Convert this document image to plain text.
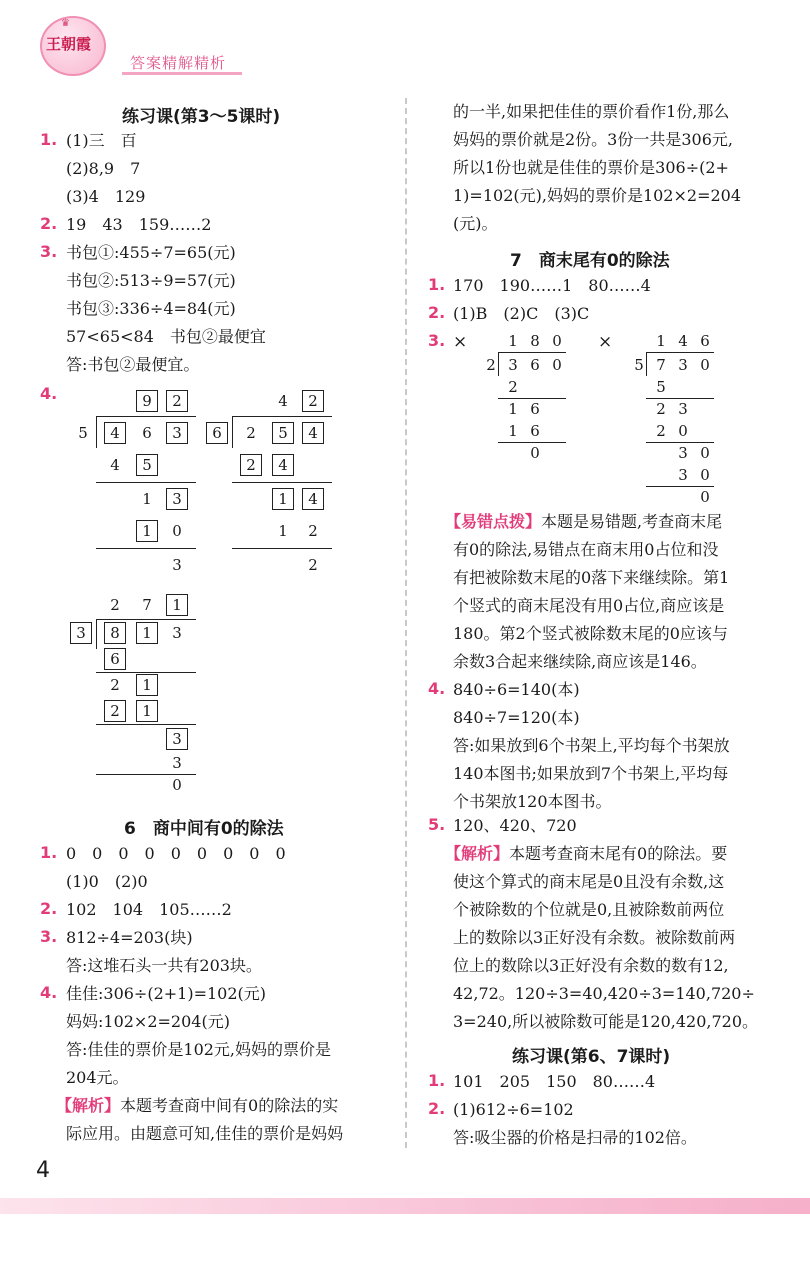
♛
王朝霞
答案精解精析
练习课(第3～5课时)
1. (1)三　百
(2)8,9　7
(3)4　129
2. 19　43　159……2
3. 书包①:455÷7=65(元)
书包②:513÷9=57(元)
书包③:336÷4=84(元)
57<65<84　书包②最便宜
答:书包②最便宜。
4.	9	2
5	4	6	3
4	5
1	3
1	0
3
4	2
6	2	5	4
2	4
1	4
1	2
2
2	7	1
3	8	1	3
6
2	1
2	1
3
3
0
6　商中间有0的除法
1. 0　0　0　0　0　0　0　0　0
(1)0　(2)0
2. 102　104　105……2
3. 812÷4=203(块)
答:这堆石头一共有203块。
4. 佳佳:306÷(2+1)=102(元)
妈妈:102×2=204(元)
答:佳佳的票价是102元,妈妈的票价是
204元。
【解析】本题考查商中间有0的除法的实
际应用。由题意可知,佳佳的票价是妈妈
的一半,如果把佳佳的票价看作1份,那么
妈妈的票价就是2份。3份一共是306元,
所以1份也就是佳佳的票价是306÷(2+
1)=102(元),妈妈的票价是102×2=204
(元)。
7　商末尾有0的除法
1. 170　190……1　80……4
2. (1)B　(2)C　(3)C
3. ×	×
1 8 0
2 3 6 0
2
1 6
1 6
0
1 4 6
5 7 3 0
5
2 3
2 0
3 0
3 0
0
【易错点拨】本题是易错题,考查商末尾
有0的除法,易错点在商末用0占位和没
有把被除数末尾的0落下来继续除。第1
个竖式的商末尾没有用0占位,商应该是
180。第2个竖式被除数末尾的0应该与
余数3合起来继续除,商应该是146。
4. 840÷6=140(本)
840÷7=120(本)
答:如果放到6个书架上,平均每个书架放
140本图书;如果放到7个书架上,平均每
个书架放120本图书。
5. 120、420、720
【解析】本题考查商末尾有0的除法。要
使这个算式的商末尾是0且没有余数,这
个被除数的个位就是0,且被除数前两位
上的数除以3正好没有余数。被除数前两
位上的数除以3正好没有余数的数有12,
42,72。120÷3=40,420÷3=140,720÷
3=240,所以被除数可能是120,420,720。
练习课(第6、7课时)
1. 101　205　150　80……4
2. (1)612÷6=102
答:吸尘器的价格是扫帚的102倍。
4
